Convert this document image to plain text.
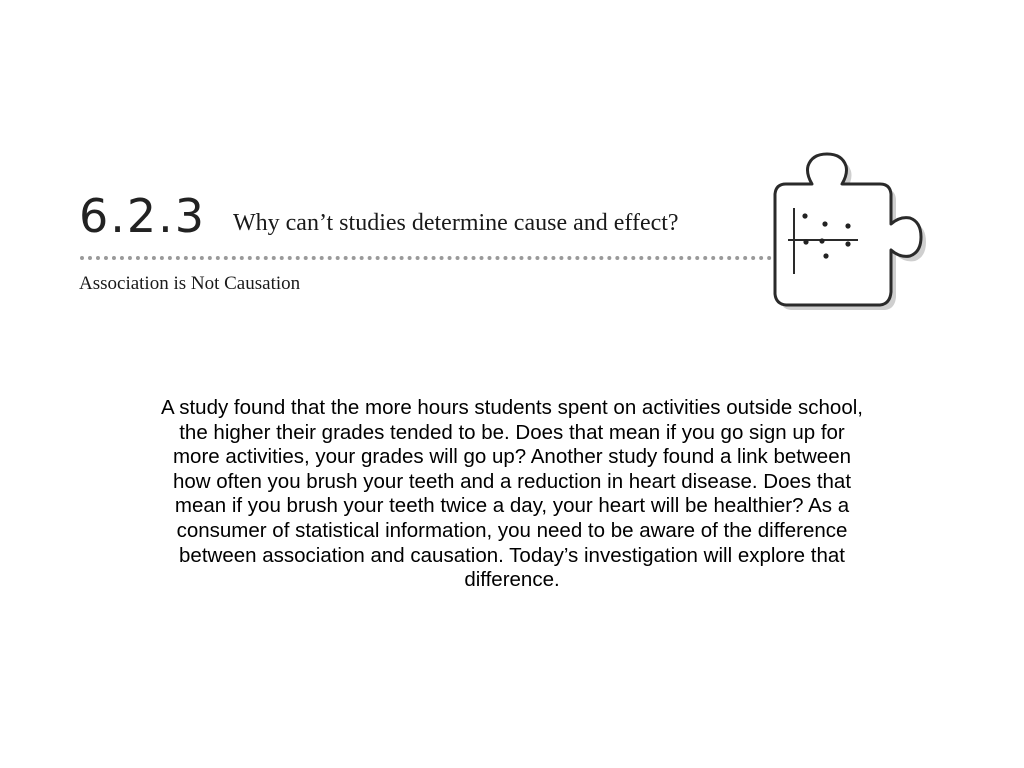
6.2.3 Why can’t studies determine cause and effect?
Association is Not Causation

A study found that the more hours students spent on activities outside school, the higher their grades tended to be. Does that mean if you go sign up for more activities, your grades will go up? Another study found a link between how often you brush your teeth and a reduction in heart disease. Does that mean if you brush your teeth twice a day, your heart will be healthier? As a consumer of statistical information, you need to be aware of the difference between association and causation. Today’s investigation will explore that difference.
